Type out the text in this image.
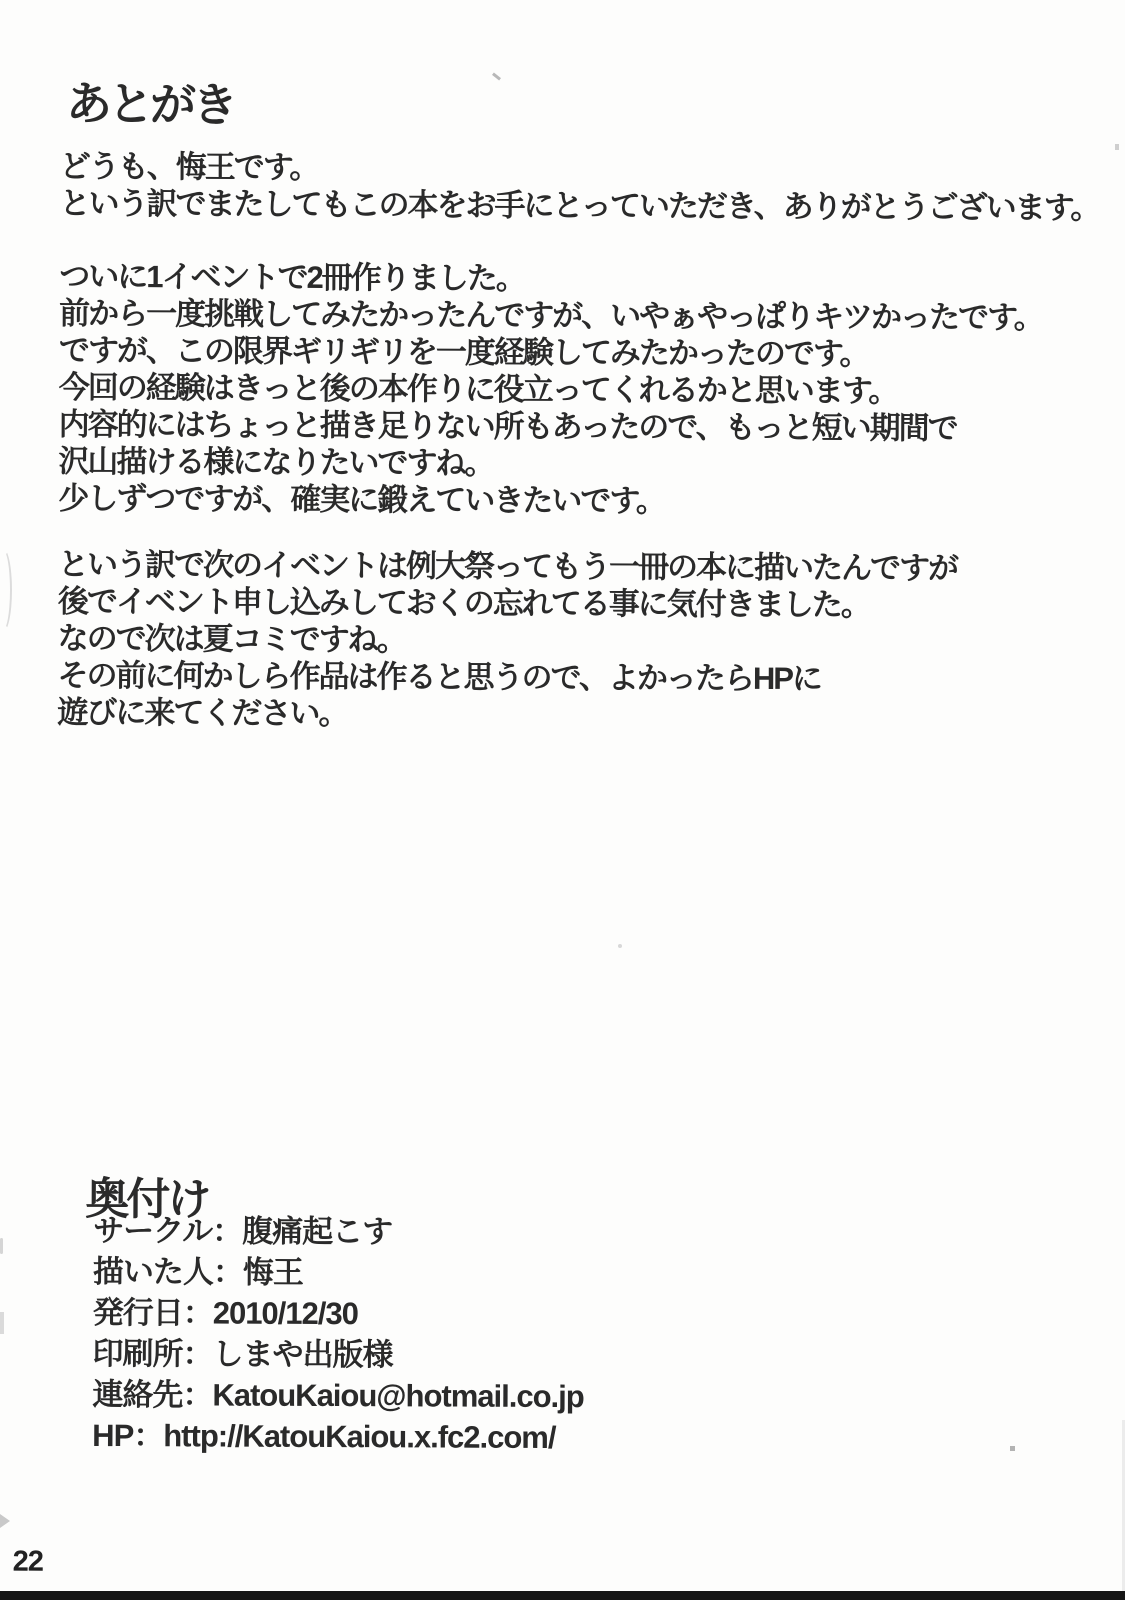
あとがき
どうも、悔王です。
という訳でまたしてもこの本をお手にとっていただき、ありがとうございます。
ついに1イベントで2冊作りました。
前から一度挑戦してみたかったんですが、いやぁやっぱりキツかったです。
ですが、この限界ギリギリを一度経験してみたかったのです。
今回の経験はきっと後の本作りに役立ってくれるかと思います。
内容的にはちょっと描き足りない所もあったので、もっと短い期間で
沢山描ける様になりたいですね。
少しずつですが、確実に鍛えていきたいです。
という訳で次のイベントは例大祭ってもう一冊の本に描いたんですが
後でイベント申し込みしておくの忘れてる事に気付きました。
なので次は夏コミですね。
その前に何かしら作品は作ると思うので、よかったらHPに
遊びに来てください。
奥付け
サークル：腹痛起こす
描いた人：悔王
発行日：2010/12/30
印刷所：しまや出版様
連絡先：KatouKaiou@hotmail.co.jp
HP：http://KatouKaiou.x.fc2.com/
22
